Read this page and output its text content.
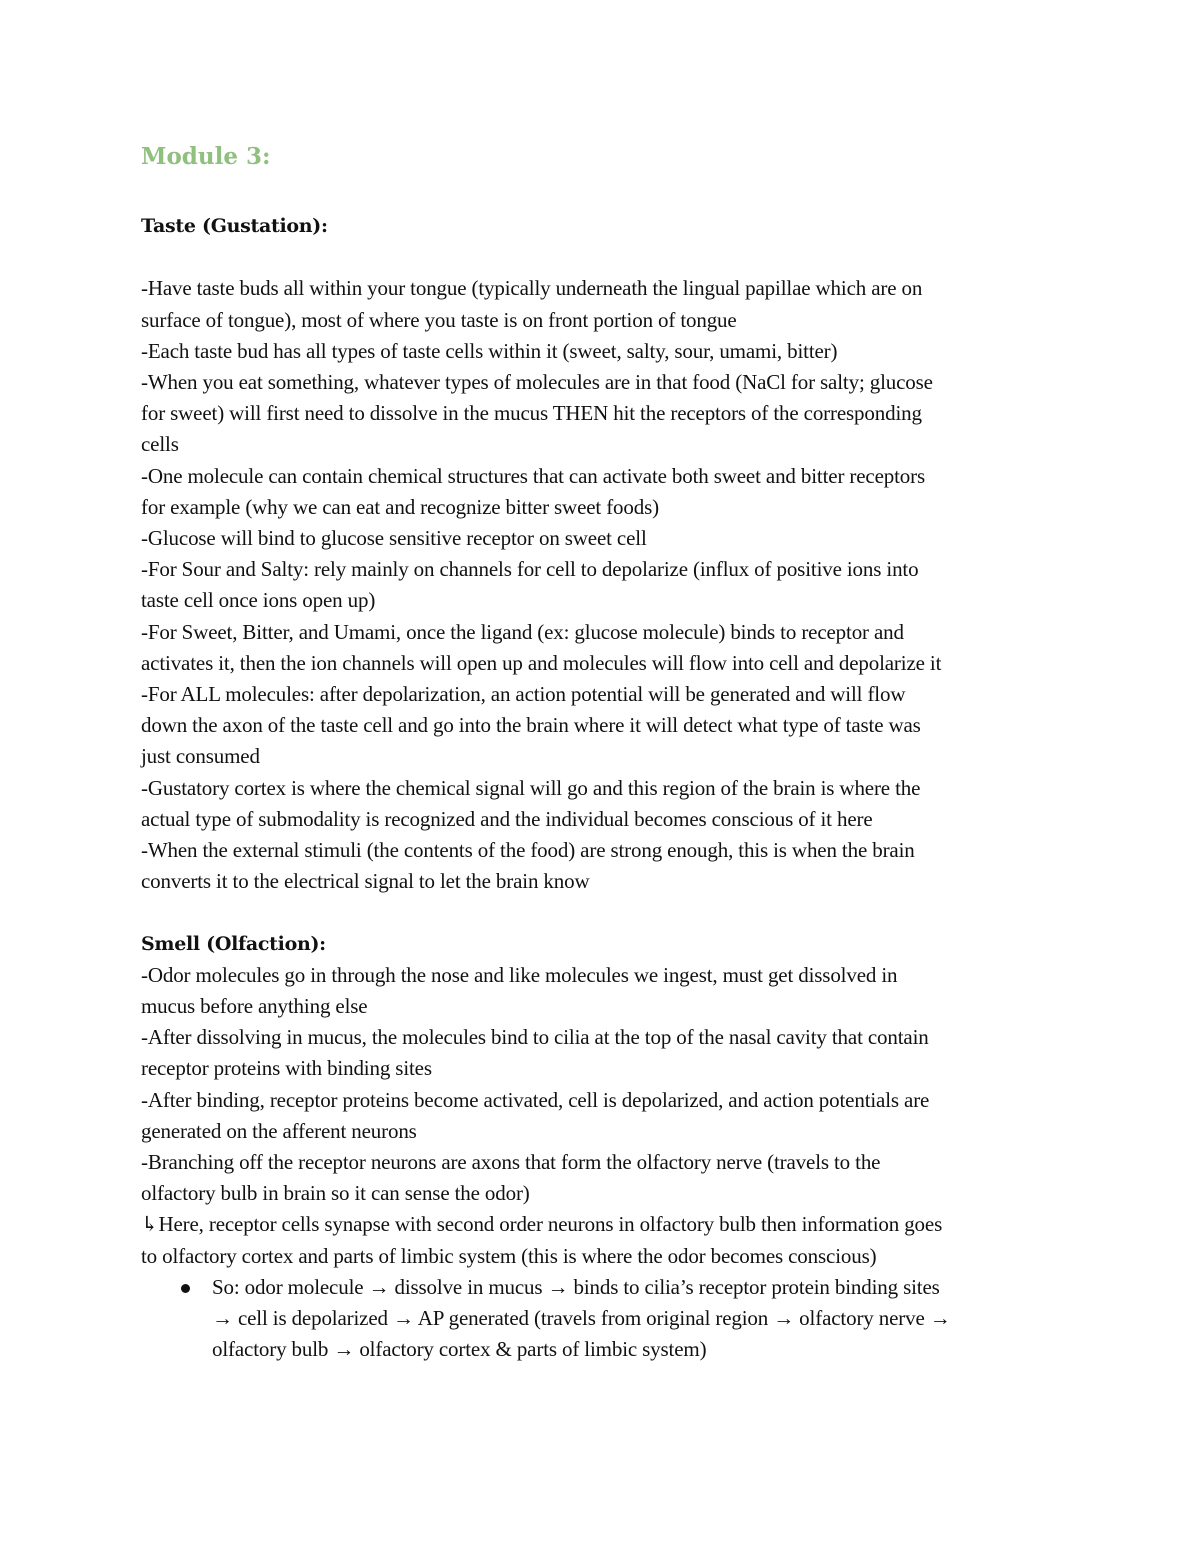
Module 3:

Taste (Gustation):

-Have taste buds all within your tongue (typically underneath the lingual papillae which are on

surface of tongue), most of where you taste is on front portion of tongue

-Each taste bud has all types of taste cells within it (sweet, salty, sour, umami, bitter)

-When you eat something, whatever types of molecules are in that food (NaCl for salty; glucose

for sweet) will first need to dissolve in the mucus THEN hit the receptors of the corresponding

cells

-One molecule can contain chemical structures that can activate both sweet and bitter receptors

for example (why we can eat and recognize bitter sweet foods)

-Glucose will bind to glucose sensitive receptor on sweet cell

-For Sour and Salty: rely mainly on channels for cell to depolarize (influx of positive ions into

taste cell once ions open up)

-For Sweet, Bitter, and Umami, once the ligand (ex: glucose molecule) binds to receptor and

activates it, then the ion channels will open up and molecules will flow into cell and depolarize it

-For ALL molecules: after depolarization, an action potential will be generated and will flow

down the axon of the taste cell and go into the brain where it will detect what type of taste was

just consumed

-Gustatory cortex is where the chemical signal will go and this region of the brain is where the

actual type of submodality is recognized and the individual becomes conscious of it here

-When the external stimuli (the contents of the food) are strong enough, this is when the brain

converts it to the electrical signal to let the brain know

Smell (Olfaction):

-Odor molecules go in through the nose and like molecules we ingest, must get dissolved in

mucus before anything else

-After dissolving in mucus, the molecules bind to cilia at the top of the nasal cavity that contain

receptor proteins with binding sites

-After binding, receptor proteins become activated, cell is depolarized, and action potentials are

generated on the afferent neurons

-Branching off the receptor neurons are axons that form the olfactory nerve (travels to the

olfactory bulb in brain so it can sense the odor)

↳Here, receptor cells synapse with second order neurons in olfactory bulb then information goes

to olfactory cortex and parts of limbic system (this is where the odor becomes conscious)

So: odor molecule → dissolve in mucus → binds to cilia’s receptor protein binding sites

→ cell is depolarized → AP generated (travels from original region → olfactory nerve →

olfactory bulb → olfactory cortex & parts of limbic system)
